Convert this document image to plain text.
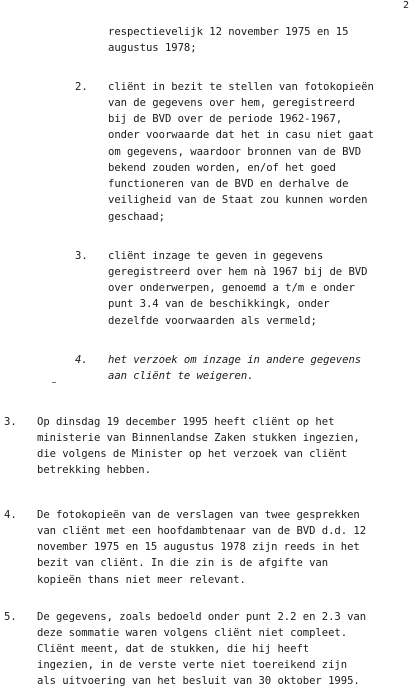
2
respectievelijk 12 november 1975 en 15
augustus 1978;
2. cliënt in bezit te stellen van fotokopieën
van de gegevens over hem, geregistreerd
bij de BVD over de periode 1962-1967,
onder voorwaarde dat het in casu niet gaat
om gegevens, waardoor bronnen van de BVD
bekend zouden worden, en/of het goed
functioneren van de BVD en derhalve de
veiligheid van de Staat zou kunnen worden
geschaad;
3. cliënt inzage te geven in gegevens
geregistreerd over hem nà 1967 bij de BVD
over onderwerpen, genoemd a t/m e onder
punt 3.4 van de beschikkingk, onder
dezelfde voorwaarden als vermeld;
4. het verzoek om inzage in andere gegevens
aan cliënt te weigeren.
3. Op dinsdag 19 december 1995 heeft cliënt op het
ministerie van Binnenlandse Zaken stukken ingezien,
die volgens de Minister op het verzoek van cliënt
betrekking hebben.
4. De fotokopieën van de verslagen van twee gesprekken
van cliënt met een hoofdambtenaar van de BVD d.d. 12
november 1975 en 15 augustus 1978 zijn reeds in het
bezit van cliënt. In die zin is de afgifte van
kopieën thans niet meer relevant.
5. De gegevens, zoals bedoeld onder punt 2.2 en 2.3 van
deze sommatie waren volgens cliënt niet compleet.
Cliënt meent, dat de stukken, die hij heeft
ingezien, in de verste verte niet toereikend zijn
als uitvoering van het besluit van 30 oktober 1995.
